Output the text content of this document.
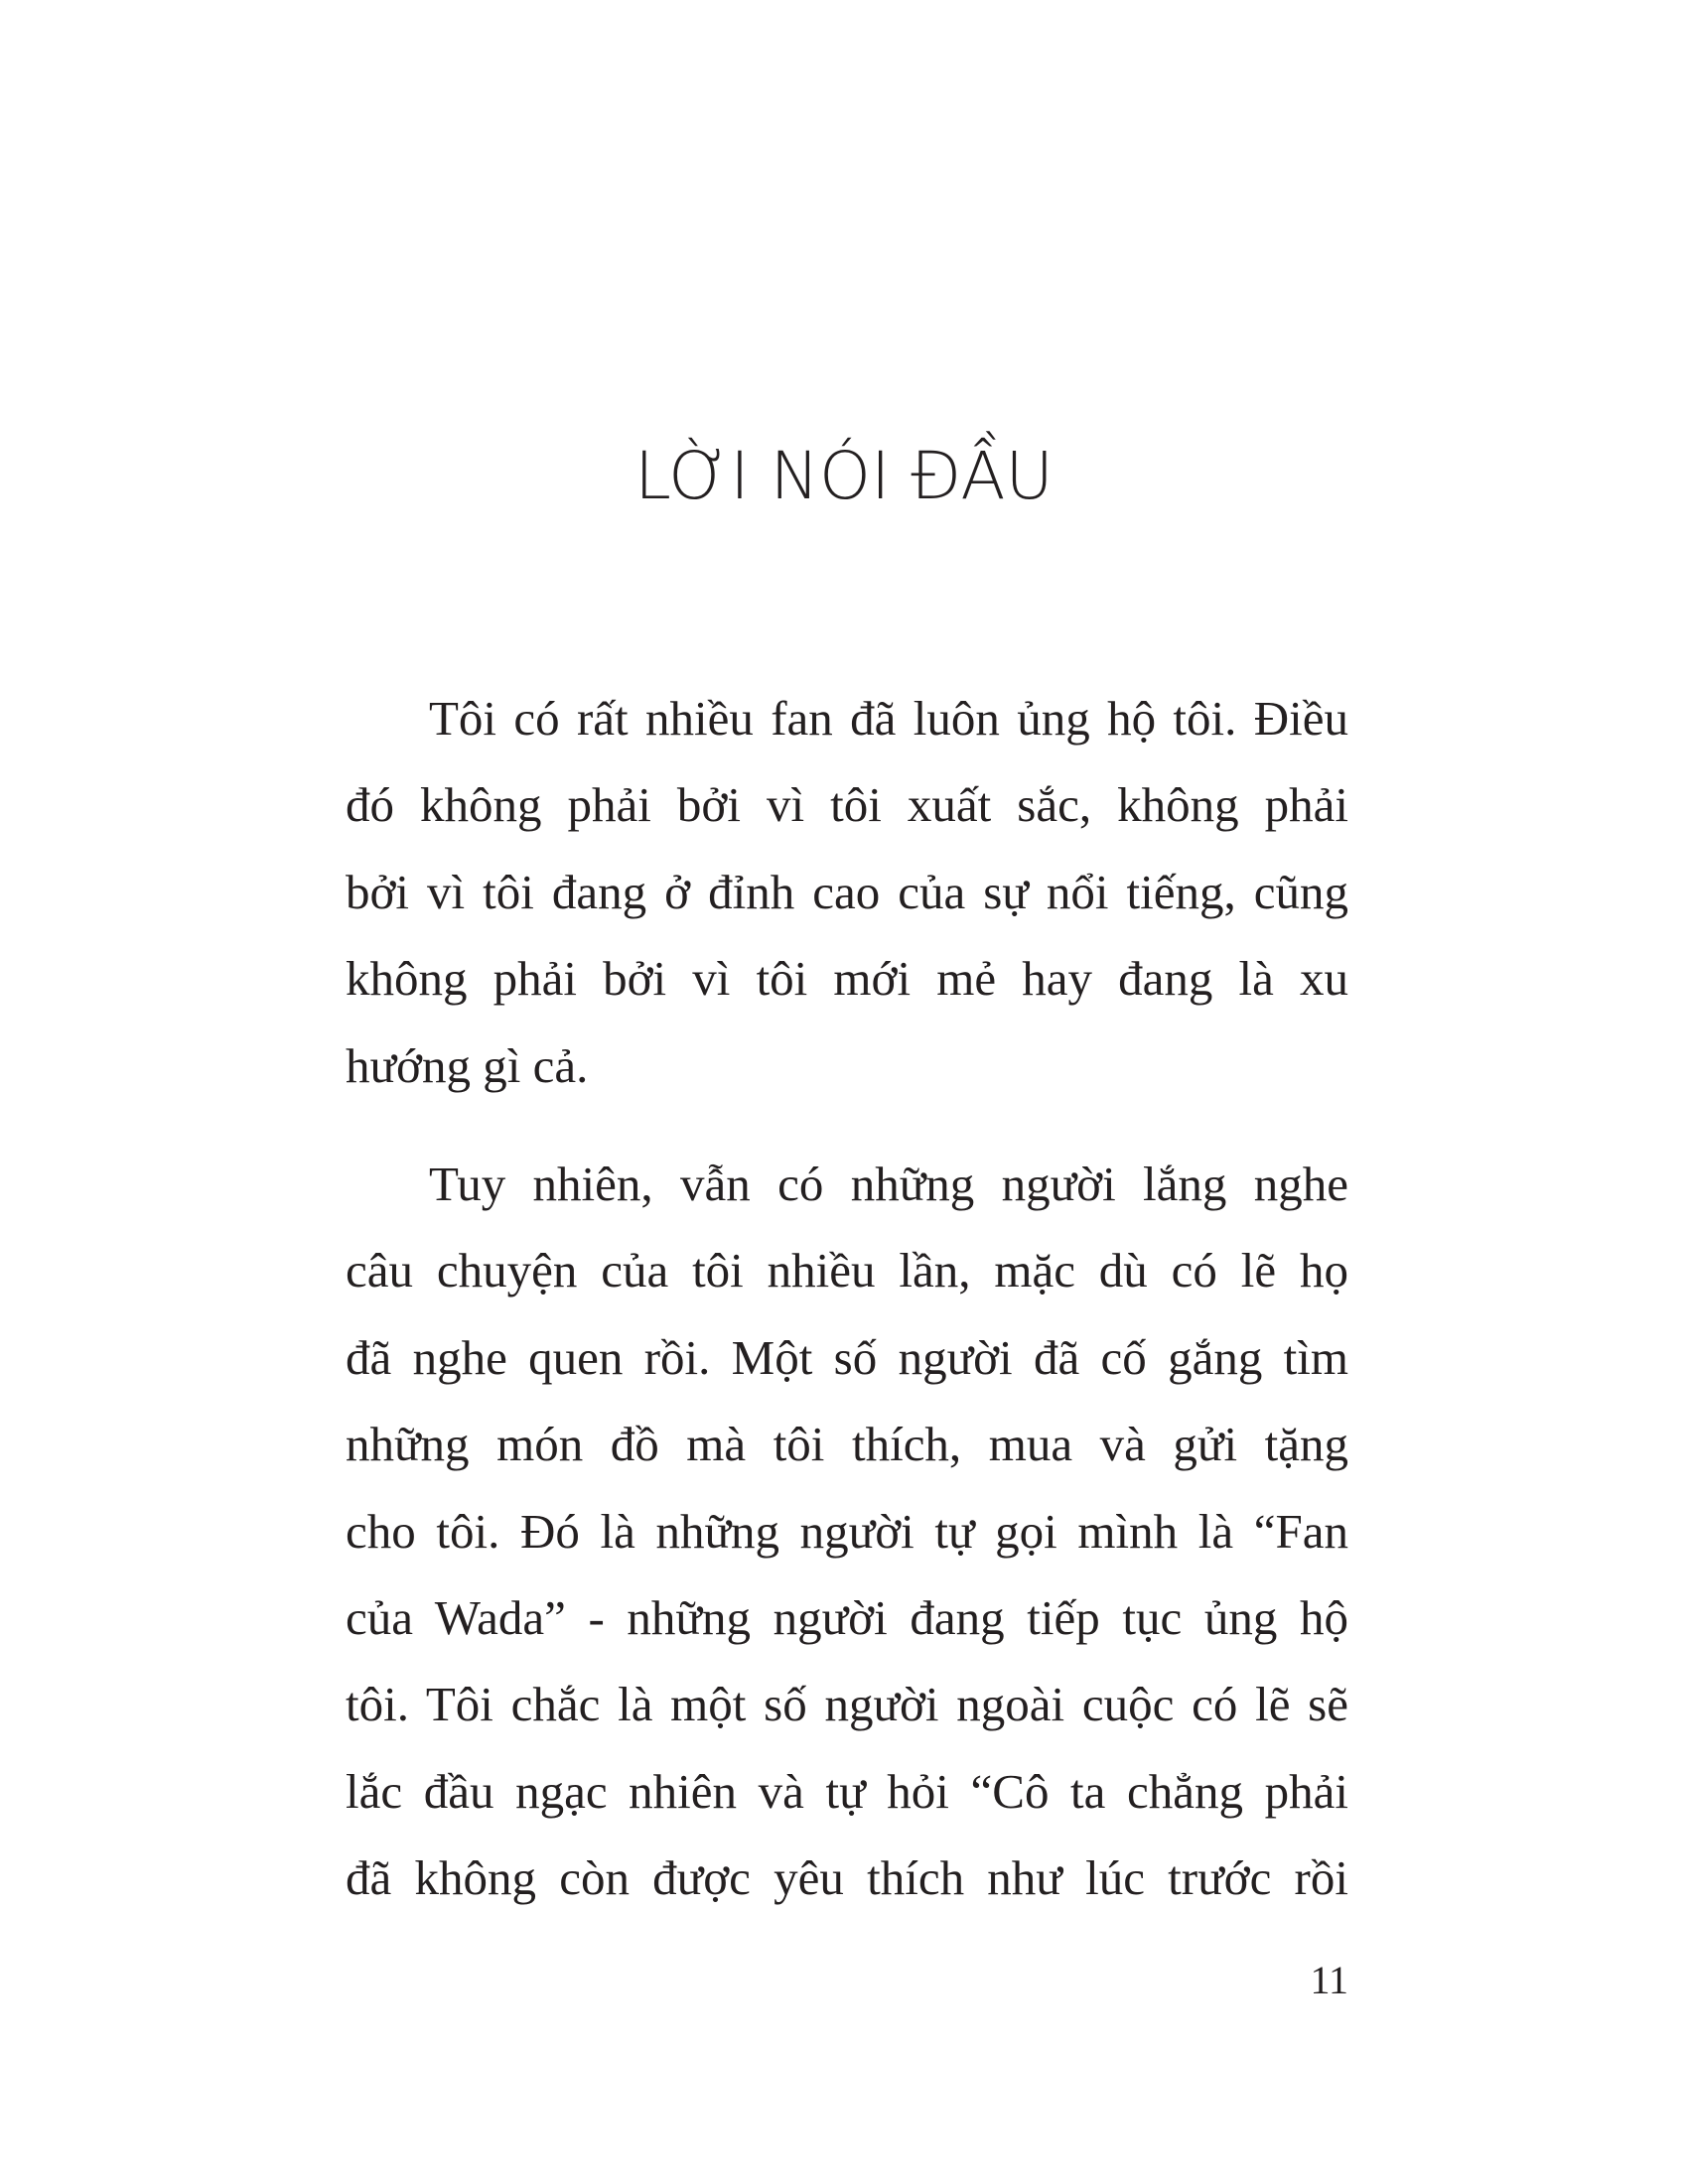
LỜI NÓI ĐẦU
Tôi có rất nhiều fan đã luôn ủng hộ tôi. Điều
đó không phải bởi vì tôi xuất sắc, không phải
bởi vì tôi đang ở đỉnh cao của sự nổi tiếng, cũng
không phải bởi vì tôi mới mẻ hay đang là xu
hướng gì cả.
Tuy nhiên, vẫn có những người lắng nghe
câu chuyện của tôi nhiều lần, mặc dù có lẽ họ
đã nghe quen rồi. Một số người đã cố gắng tìm
những món đồ mà tôi thích, mua và gửi tặng
cho tôi. Đó là những người tự gọi mình là “Fan
của Wada” - những người đang tiếp tục ủng hộ
tôi. Tôi chắc là một số người ngoài cuộc có lẽ sẽ
lắc đầu ngạc nhiên và tự hỏi “Cô ta chẳng phải
đã không còn được yêu thích như lúc trước rồi
11
